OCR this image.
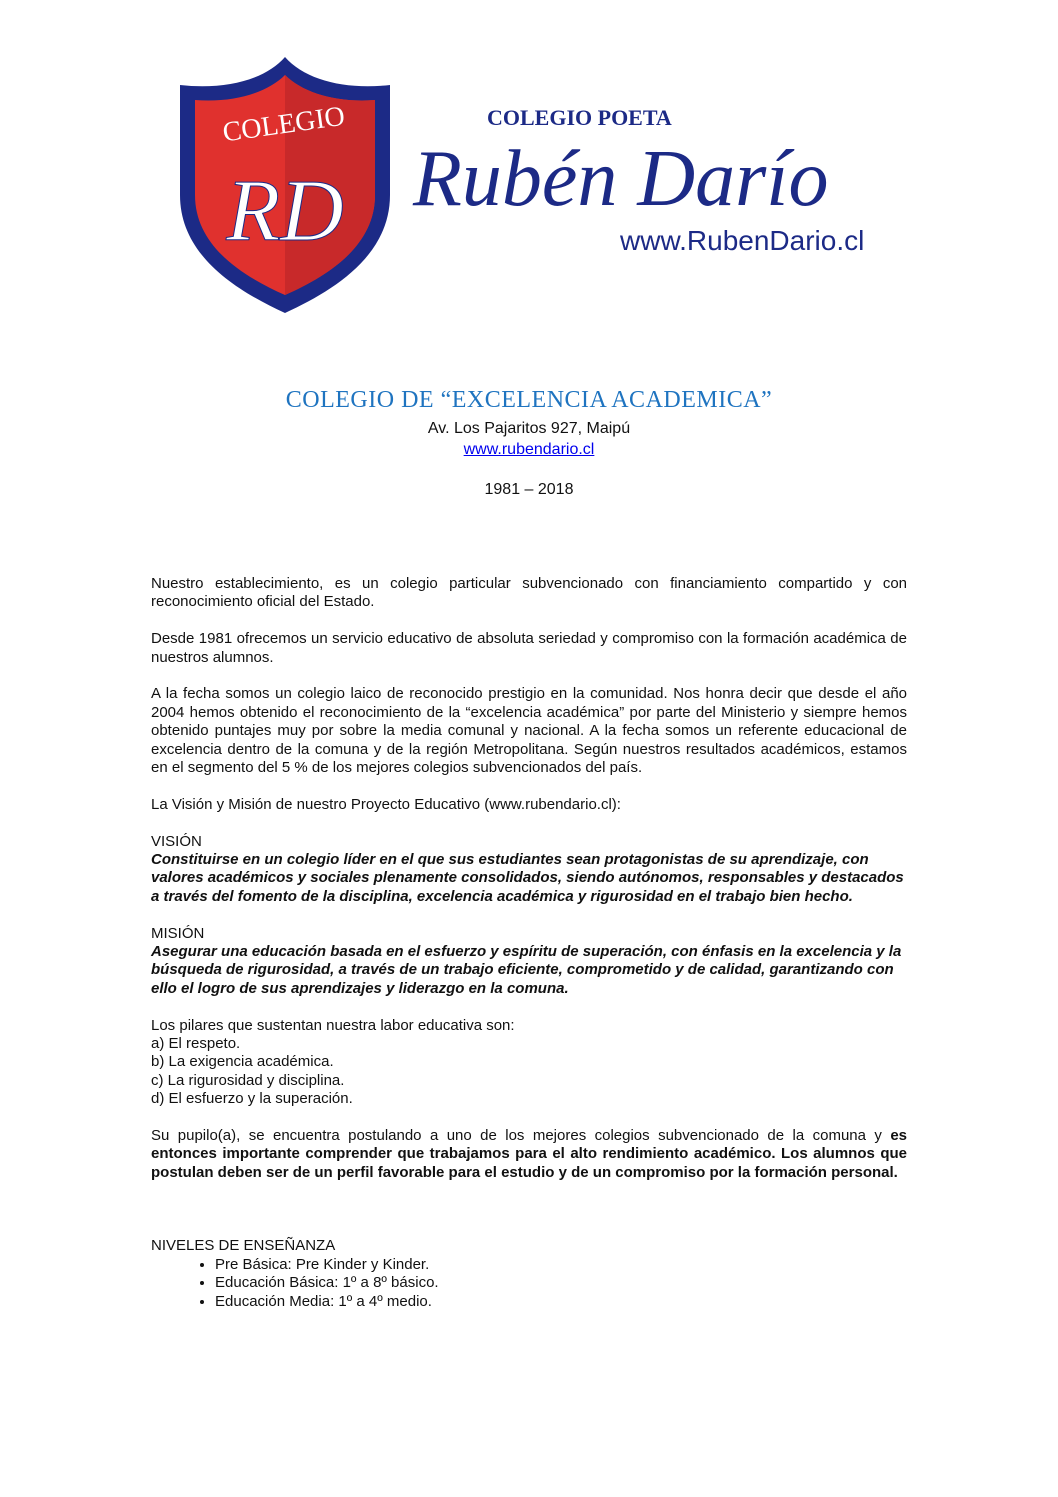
COLEGIO
RD
COLEGIO POETA
Rubén Darío
www.RubenDario.cl
COLEGIO DE “EXCELENCIA ACADEMICA”
Av. Los Pajaritos 927, Maipú
www.rubendario.cl
1981 – 2018

Nuestro establecimiento, es un colegio particular subvencionado con financiamiento compartido y con reconocimiento oficial del Estado.

Desde 1981 ofrecemos un servicio educativo de absoluta seriedad y compromiso con la formación académica de nuestros alumnos.

A la fecha somos un colegio laico de reconocido prestigio en la comunidad. Nos honra decir que desde el año 2004 hemos obtenido el reconocimiento de la “excelencia académica” por parte del Ministerio y siempre hemos obtenido puntajes muy por sobre la media comunal y nacional. A la fecha somos un referente educacional de excelencia dentro de la comuna y de la región Metropolitana. Según nuestros resultados académicos, estamos en el segmento del 5 % de los mejores colegios subvencionados del país.

La Visión y Misión de nuestro Proyecto Educativo (www.rubendario.cl):

VISIÓN

Constituirse en un colegio líder en el que sus estudiantes sean protagonistas de su aprendizaje, con valores académicos y sociales plenamente consolidados, siendo autónomos, responsables y destacados a través del fomento de la disciplina, excelencia académica y rigurosidad en el trabajo bien hecho.

MISIÓN

Asegurar una educación basada en el esfuerzo y espíritu de superación, con énfasis en la excelencia y la búsqueda de rigurosidad, a través de un trabajo eficiente, comprometido y de calidad, garantizando con ello el logro de sus aprendizajes y liderazgo en la comuna.

Los pilares que sustentan nuestra labor educativa son:
a) El respeto.
b) La exigencia académica.
c) La rigurosidad y disciplina.
d) El esfuerzo y la superación.

Su pupilo(a), se encuentra postulando a uno de los mejores colegios subvencionado de la comuna y es entonces importante comprender que trabajamos para el alto rendimiento académico. Los alumnos que postulan deben ser de un perfil favorable para el estudio y de un compromiso por la formación personal.

NIVELES DE ENSEÑANZA
• Pre Básica: Pre Kinder y Kinder.
• Educación Básica: 1º a 8º básico.
• Educación Media: 1º a 4º medio.
